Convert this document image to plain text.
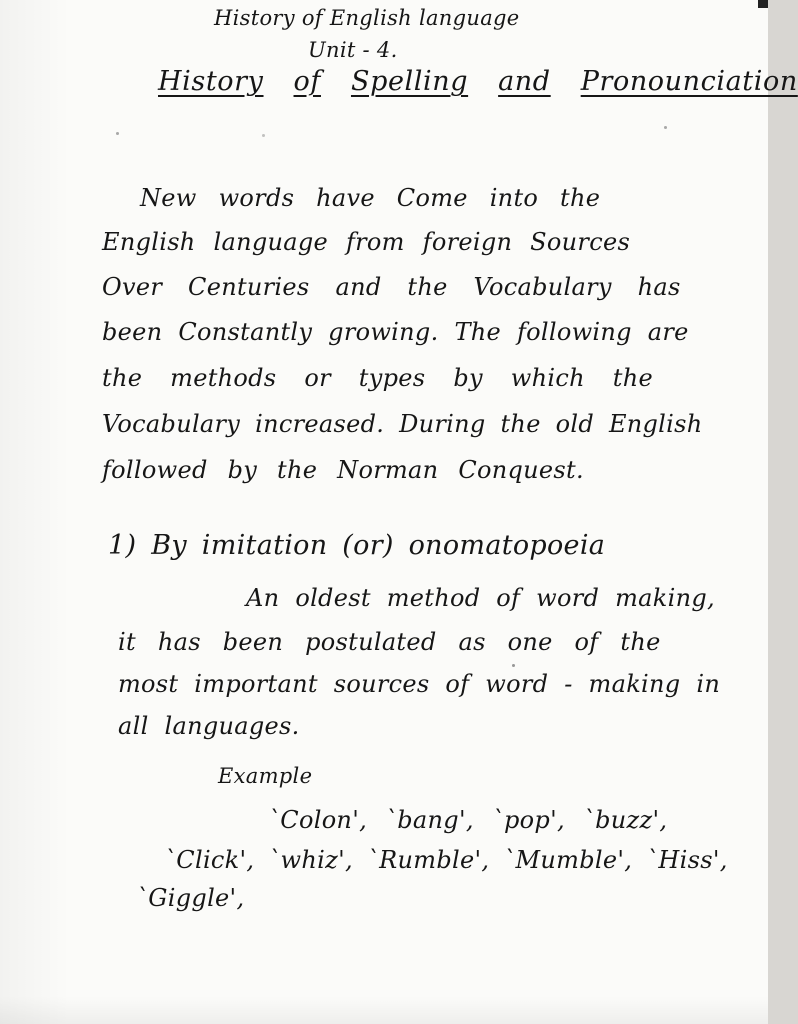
History of English language
Unit - 4.
History of Spelling and Pronounciation
New words have Come into the
English language from foreign Sources
Over Centuries and the Vocabulary has
been Constantly growing. The following are
the methods or types by which the
Vocabulary increased. During the old English
followed by the Norman Conquest.
1) By imitation (or) onomatopoeia
An oldest method of word making,
it has been postulated as one of the
most important sources of word - making in
all languages.
Example
`Colon', `bang', `pop', `buzz',
`Click', `whiz', `Rumble', `Mumble', `Hiss',
`Giggle',
